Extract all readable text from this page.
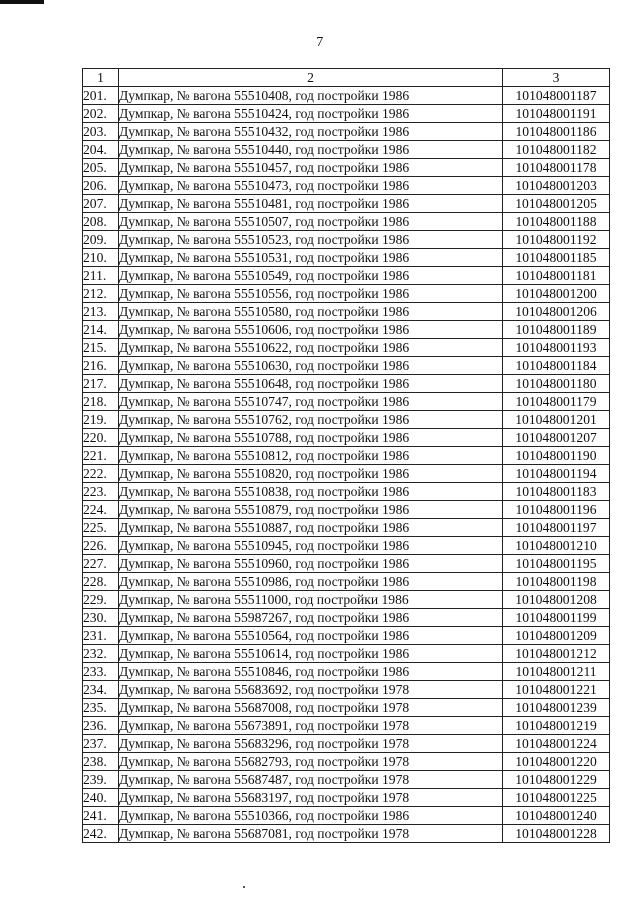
7
1	2	3
201.	Думпкар, № вагона 55510408, год постройки 1986	101048001187
202.	Думпкар, № вагона 55510424, год постройки 1986	101048001191
203.	Думпкар, № вагона 55510432, год постройки 1986	101048001186
204.	Думпкар, № вагона 55510440, год постройки 1986	101048001182
205.	Думпкар, № вагона 55510457, год постройки 1986	101048001178
206.	Думпкар, № вагона 55510473, год постройки 1986	101048001203
207.	Думпкар, № вагона 55510481, год постройки 1986	101048001205
208.	Думпкар, № вагона 55510507, год постройки 1986	101048001188
209.	Думпкар, № вагона 55510523, год постройки 1986	101048001192
210.	Думпкар, № вагона 55510531, год постройки 1986	101048001185
211.	Думпкар, № вагона 55510549, год постройки 1986	101048001181
212.	Думпкар, № вагона 55510556, год постройки 1986	101048001200
213.	Думпкар, № вагона 55510580, год постройки 1986	101048001206
214.	Думпкар, № вагона 55510606, год постройки 1986	101048001189
215.	Думпкар, № вагона 55510622, год постройки 1986	101048001193
216.	Думпкар, № вагона 55510630, год постройки 1986	101048001184
217.	Думпкар, № вагона 55510648, год постройки 1986	101048001180
218.	Думпкар, № вагона 55510747, год постройки 1986	101048001179
219.	Думпкар, № вагона 55510762, год постройки 1986	101048001201
220.	Думпкар, № вагона 55510788, год постройки 1986	101048001207
221.	Думпкар, № вагона 55510812, год постройки 1986	101048001190
222.	Думпкар, № вагона 55510820, год постройки 1986	101048001194
223.	Думпкар, № вагона 55510838, год постройки 1986	101048001183
224.	Думпкар, № вагона 55510879, год постройки 1986	101048001196
225.	Думпкар, № вагона 55510887, год постройки 1986	101048001197
226.	Думпкар, № вагона 55510945, год постройки 1986	101048001210
227.	Думпкар, № вагона 55510960, год постройки 1986	101048001195
228.	Думпкар, № вагона 55510986, год постройки 1986	101048001198
229.	Думпкар, № вагона 55511000, год постройки 1986	101048001208
230.	Думпкар, № вагона 55987267, год постройки 1986	101048001199
231.	Думпкар, № вагона 55510564, год постройки 1986	101048001209
232.	Думпкар, № вагона 55510614, год постройки 1986	101048001212
233.	Думпкар, № вагона 55510846, год постройки 1986	101048001211
234.	Думпкар, № вагона 55683692, год постройки 1978	101048001221
235.	Думпкар, № вагона 55687008, год постройки 1978	101048001239
236.	Думпкар, № вагона 55673891, год постройки 1978	101048001219
237.	Думпкар, № вагона 55683296, год постройки 1978	101048001224
238.	Думпкар, № вагона 55682793, год постройки 1978	101048001220
239.	Думпкар, № вагона 55687487, год постройки 1978	101048001229
240.	Думпкар, № вагона 55683197, год постройки 1978	101048001225
241.	Думпкар, № вагона 55510366, год постройки 1986	101048001240
242.	Думпкар, № вагона 55687081, год постройки 1978	101048001228
